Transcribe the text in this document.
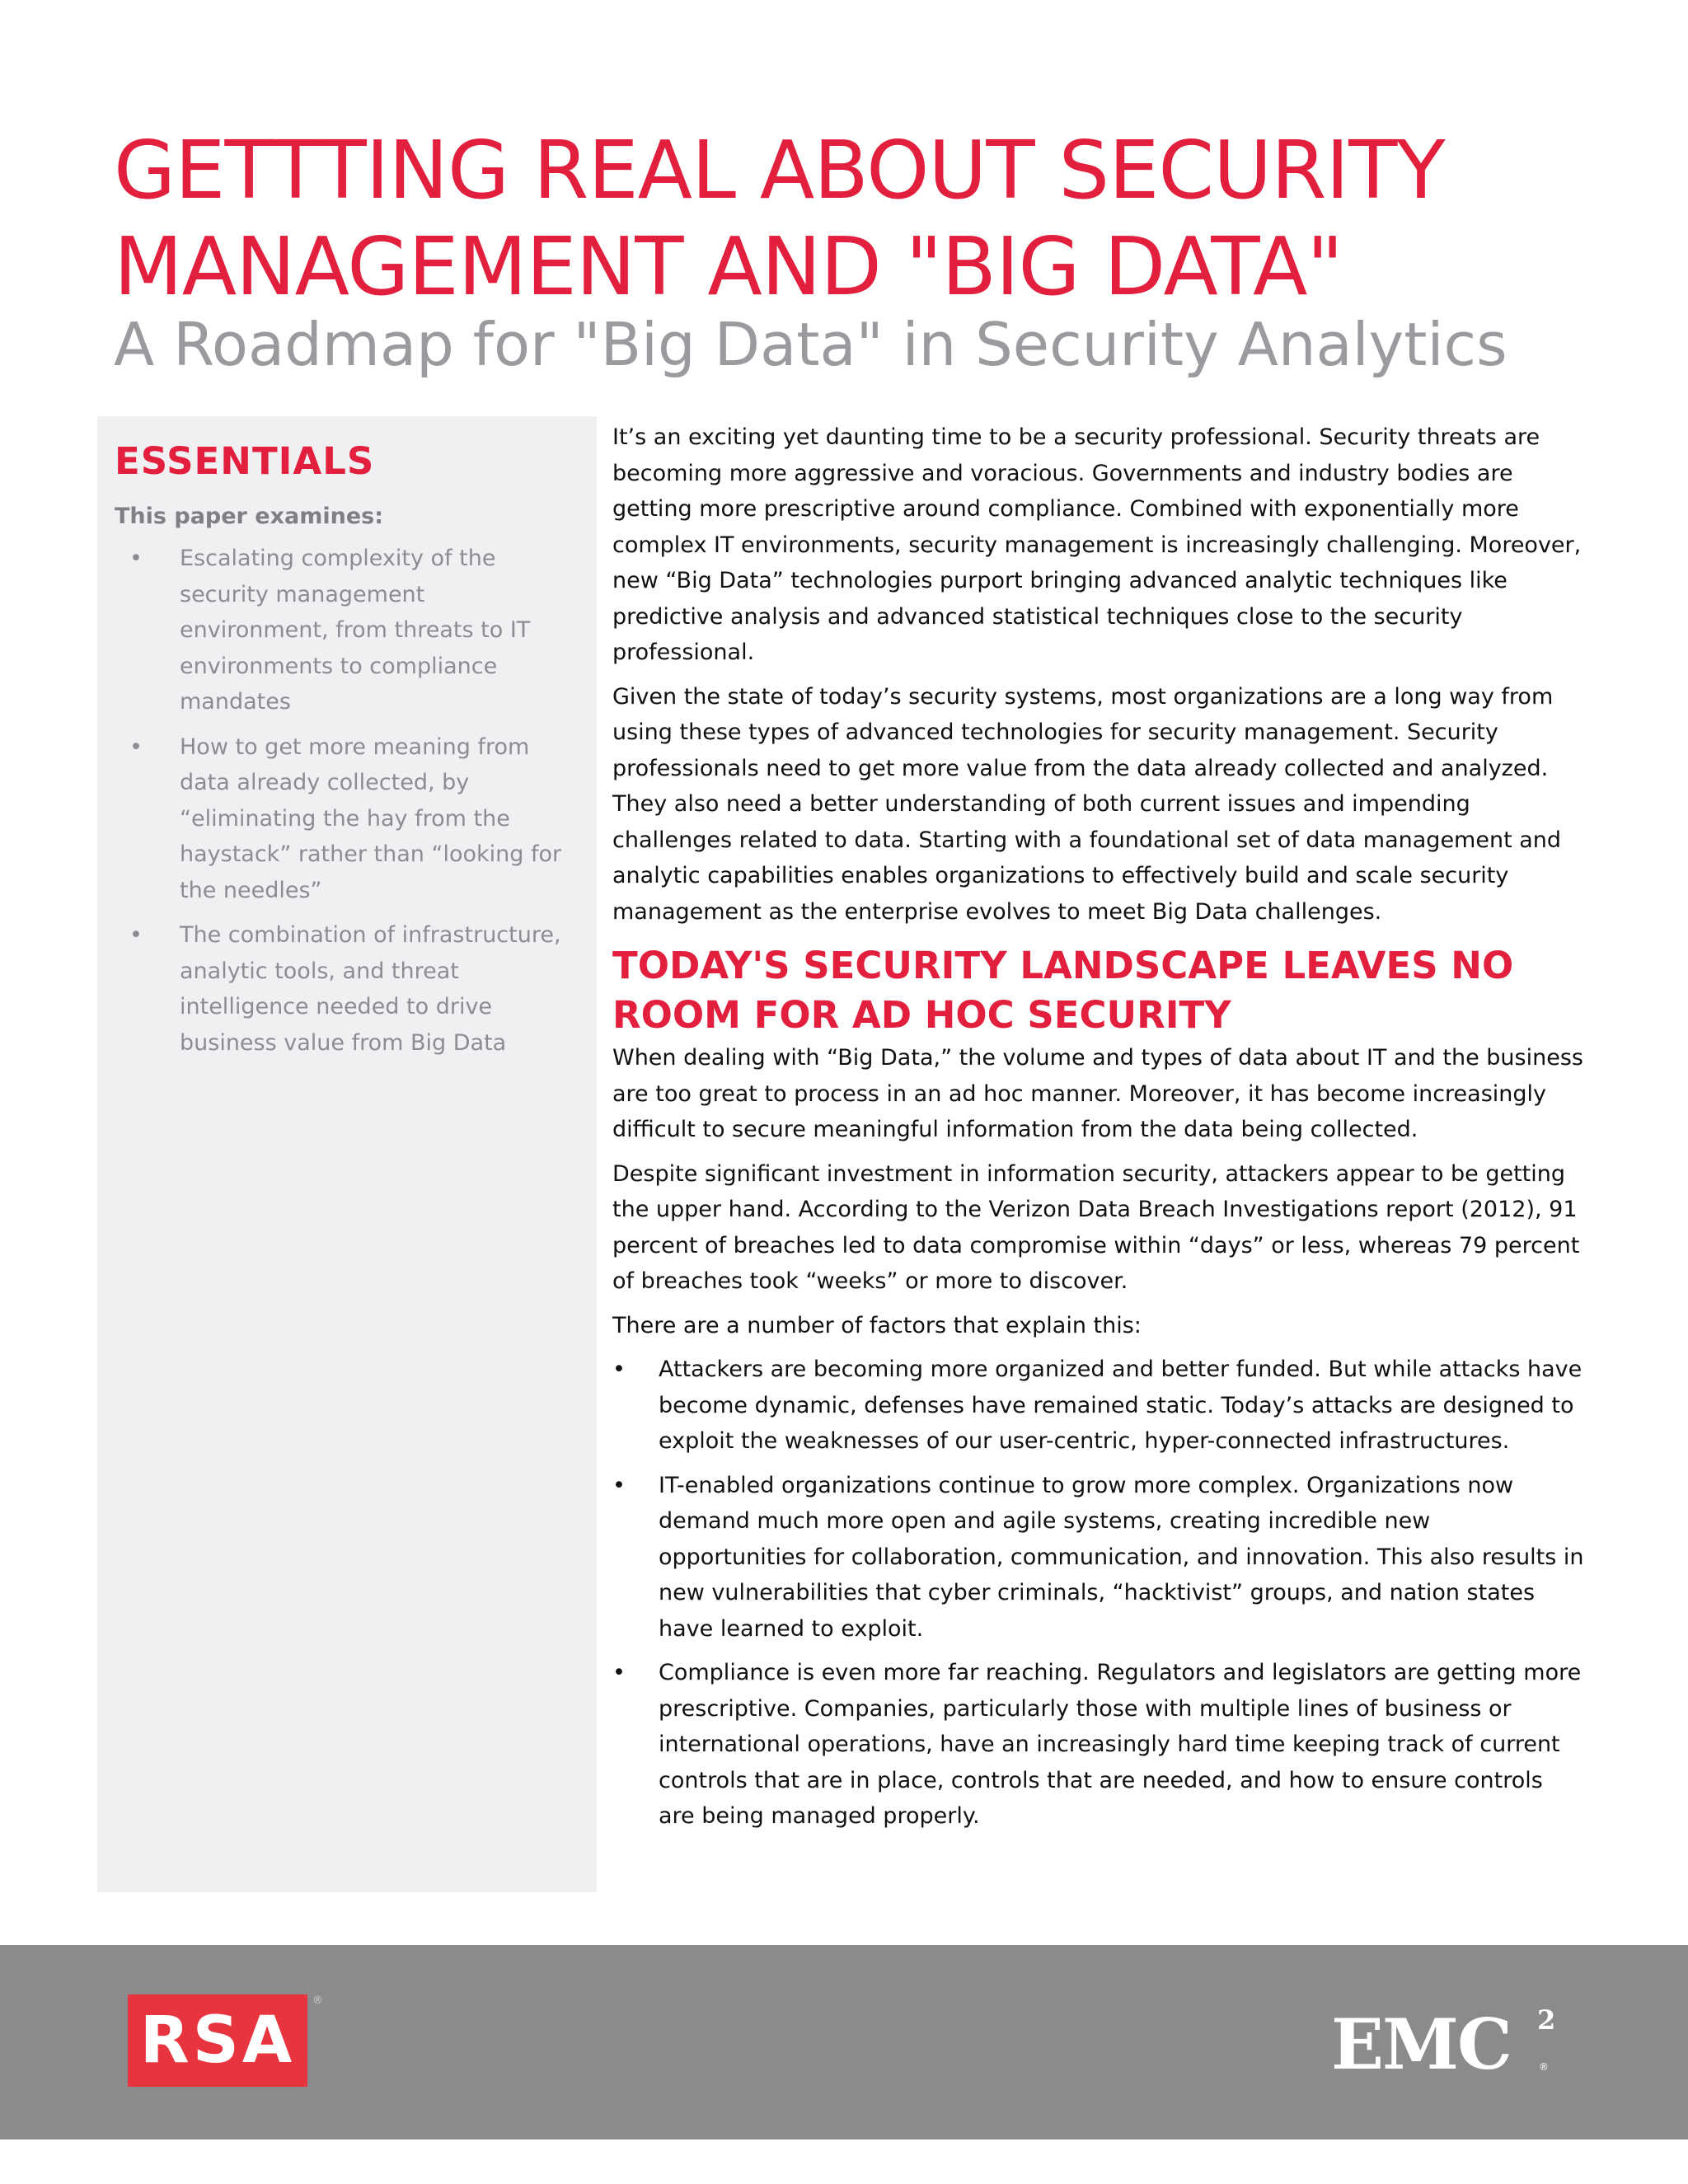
GETTTING REAL ABOUT SECURITY
MANAGEMENT AND "BIG DATA"

A Roadmap for "Big Data" in Security Analytics

ESSENTIALS

This paper examines:

• Escalating complexity of the security management environment, from threats to IT environments to compliance mandates
• How to get more meaning from data already collected, by “eliminating the hay from the haystack” rather than “looking for the needles”
• The combination of infrastructure, analytic tools, and threat intelligence needed to drive business value from Big Data

It’s an exciting yet daunting time to be a security professional. Security threats are becoming more aggressive and voracious. Governments and industry bodies are getting more prescriptive around compliance. Combined with exponentially more complex IT environments, security management is increasingly challenging. Moreover, new “Big Data” technologies purport bringing advanced analytic techniques like predictive analysis and advanced statistical techniques close to the security professional.

Given the state of today’s security systems, most organizations are a long way from using these types of advanced technologies for security management. Security professionals need to get more value from the data already collected and analyzed. They also need a better understanding of both current issues and impending challenges related to data. Starting with a foundational set of data management and analytic capabilities enables organizations to effectively build and scale security management as the enterprise evolves to meet Big Data challenges.

TODAY'S SECURITY LANDSCAPE LEAVES NO ROOM FOR AD HOC SECURITY

When dealing with “Big Data,” the volume and types of data about IT and the business are too great to process in an ad hoc manner. Moreover, it has become increasingly difficult to secure meaningful information from the data being collected.

Despite significant investment in information security, attackers appear to be getting the upper hand. According to the Verizon Data Breach Investigations report (2012), 91 percent of breaches led to data compromise within “days” or less, whereas 79 percent of breaches took “weeks” or more to discover.

There are a number of factors that explain this:

• Attackers are becoming more organized and better funded. But while attacks have become dynamic, defenses have remained static. Today’s attacks are designed to exploit the weaknesses of our user-centric, hyper-connected infrastructures.
• IT-enabled organizations continue to grow more complex. Organizations now demand much more open and agile systems, creating incredible new opportunities for collaboration, communication, and innovation. This also results in new vulnerabilities that cyber criminals, “hacktivist” groups, and nation states have learned to exploit.
• Compliance is even more far reaching. Regulators and legislators are getting more prescriptive. Companies, particularly those with multiple lines of business or international operations, have an increasingly hard time keeping track of current controls that are in place, controls that are needed, and how to ensure controls are being managed properly.
RSA
®
EMC 2
®
